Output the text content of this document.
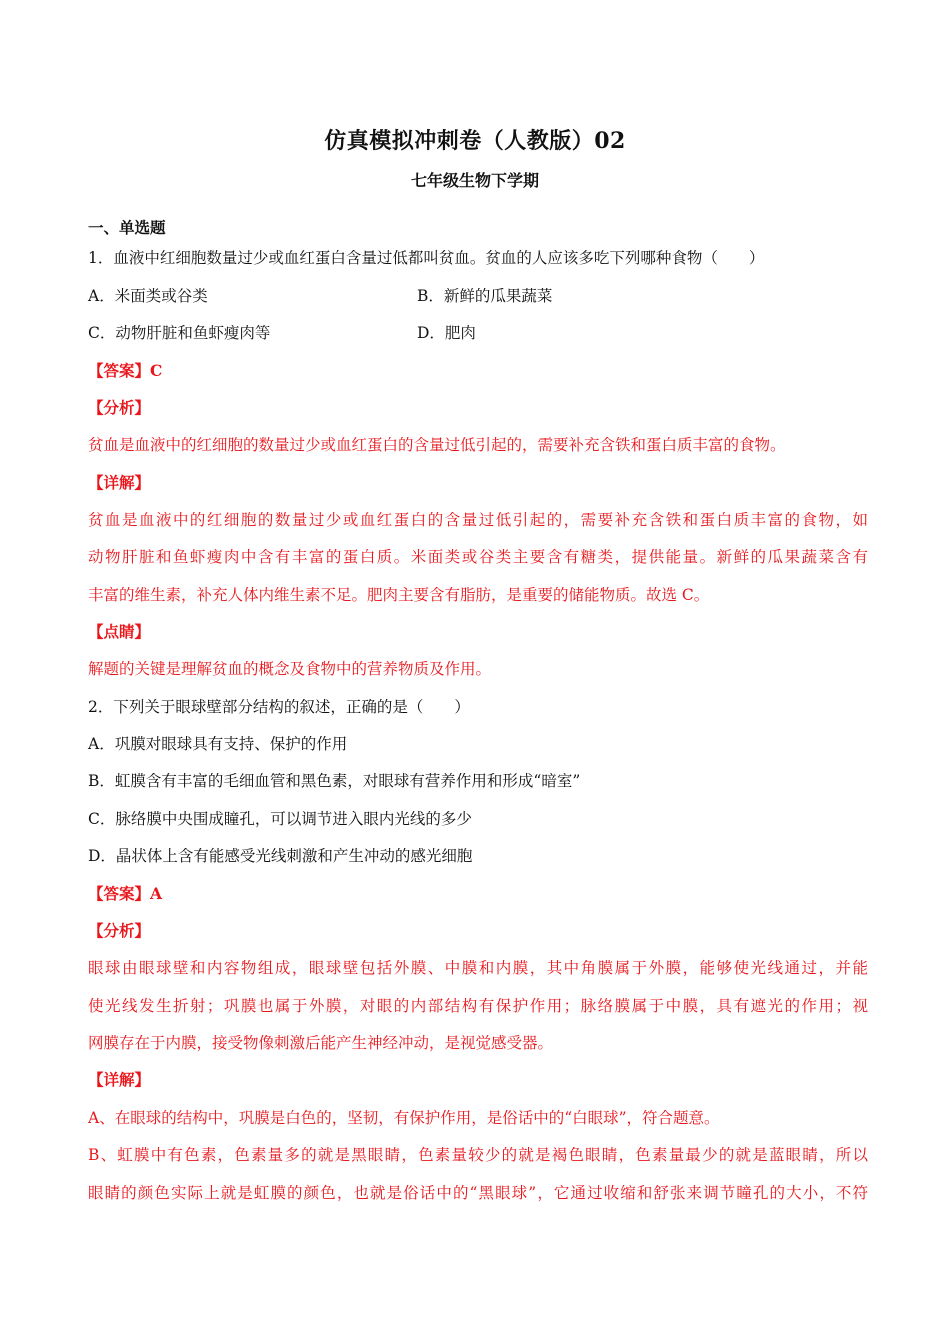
仿真模拟冲刺卷（人教版）02
七年级生物下学期
一、单选题
1．血液中红细胞数量过少或血红蛋白含量过低都叫贫血。贫血的人应该多吃下列哪种食物（　　）
A．米面类或谷类	B．新鲜的瓜果蔬菜
C．动物肝脏和鱼虾瘦肉等	D．肥肉
【答案】C
【分析】
贫血是血液中的红细胞的数量过少或血红蛋白的含量过低引起的，需要补充含铁和蛋白质丰富的食物。
【详解】
贫血是血液中的红细胞的数量过少或血红蛋白的含量过低引起的，需要补充含铁和蛋白质丰富的食物，如
动物肝脏和鱼虾瘦肉中含有丰富的蛋白质。米面类或谷类主要含有糖类，提供能量。新鲜的瓜果蔬菜含有
丰富的维生素，补充人体内维生素不足。肥肉主要含有脂肪，是重要的储能物质。故选 C。
【点睛】
解题的关键是理解贫血的概念及食物中的营养物质及作用。
2．下列关于眼球壁部分结构的叙述，正确的是（　　）
A．巩膜对眼球具有支持、保护的作用
B．虹膜含有丰富的毛细血管和黑色素，对眼球有营养作用和形成“暗室”
C．脉络膜中央围成瞳孔，可以调节进入眼内光线的多少
D．晶状体上含有能感受光线刺激和产生冲动的感光细胞
【答案】A
【分析】
眼球由眼球壁和内容物组成，眼球壁包括外膜、中膜和内膜，其中角膜属于外膜，能够使光线通过，并能
使光线发生折射；巩膜也属于外膜，对眼的内部结构有保护作用；脉络膜属于中膜，具有遮光的作用；视
网膜存在于内膜，接受物像刺激后能产生神经冲动，是视觉感受器。
【详解】
A、在眼球的结构中，巩膜是白色的，坚韧，有保护作用，是俗话中的“白眼球”，符合题意。
B、虹膜中有色素，色素量多的就是黑眼睛，色素量较少的就是褐色眼睛，色素量最少的就是蓝眼睛，所以
眼睛的颜色实际上就是虹膜的颜色，也就是俗话中的“黑眼球”，它通过收缩和舒张来调节瞳孔的大小，不符
